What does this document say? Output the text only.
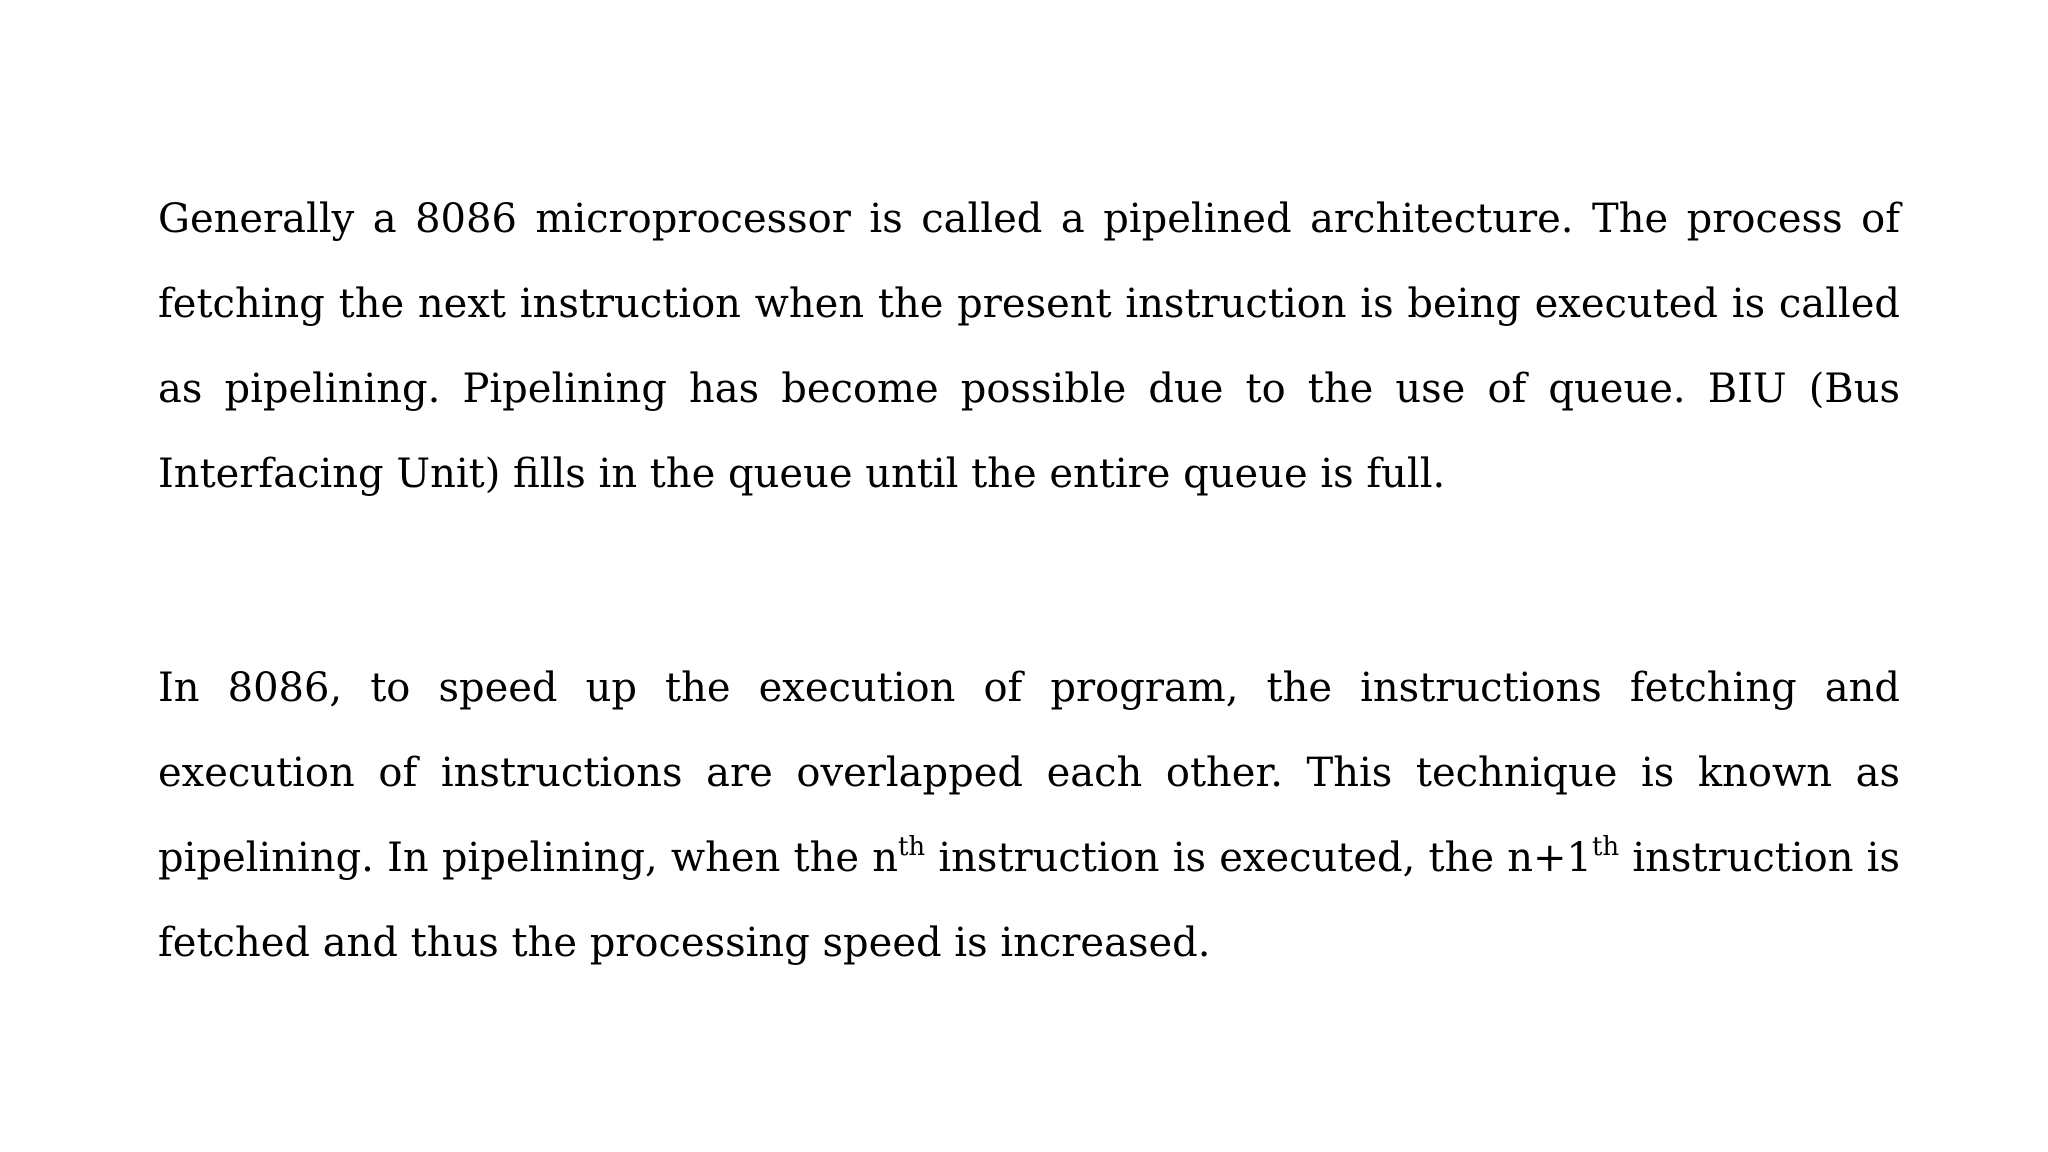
Generally a 8086 microprocessor is called a pipelined architecture. The process of fetching the next instruction when the present instruction is being executed is called as pipelining. Pipelining has become possible due to the use of queue. BIU (Bus Interfacing Unit) fills in the queue until the entire queue is full.

In 8086, to speed up the execution of program, the instructions fetching and execution of instructions are overlapped each other. This technique is known as pipelining. In pipelining, when the $n^{th}$ instruction is executed, the n+1th instruction is fetched and thus the processing speed is increased.
